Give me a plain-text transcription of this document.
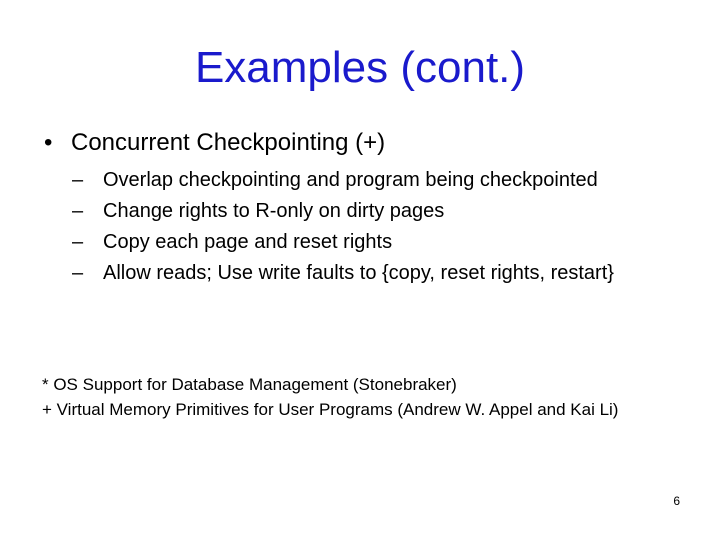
Examples (cont.)
• Concurrent Checkpointing (+)
– Overlap checkpointing and program being checkpointed
– Change rights to R-only on dirty pages
– Copy each page and reset rights
– Allow reads; Use write faults to {copy, reset rights, restart}

* OS Support for Database Management (Stonebraker)

+ Virtual Memory Primitives for User Programs (Andrew W. Appel and Kai Li)

6
